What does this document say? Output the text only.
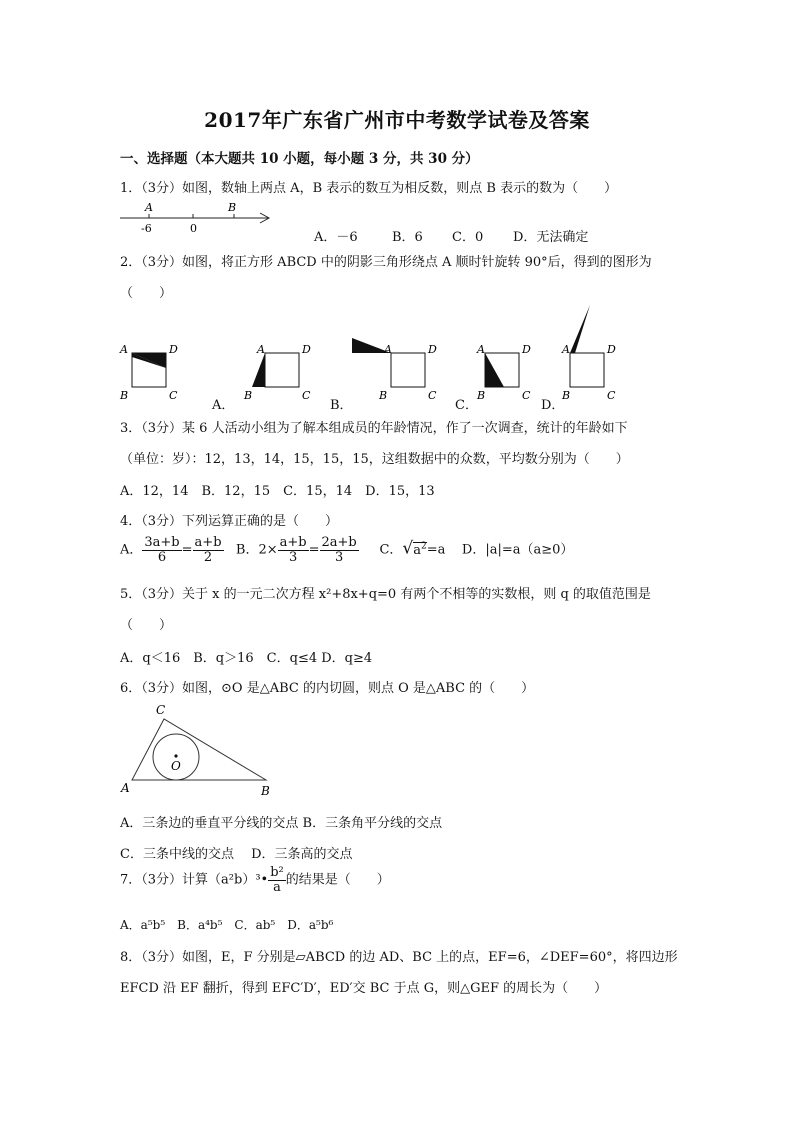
2017年广东省广州市中考数学试卷及答案
一、选择题（本大题共 10 小题，每小题 3 分，共 30 分）
1．（3分）如图，数轴上两点 A，B 表示的数互为相反数，则点 B 表示的数为（　　）
A	B
-6	0
A．－6	B．6 C．0 D．无法确定
2．（3分）如图，将正方形 ABCD 中的阴影三角形绕点 A 顺时针旋转 90°后，得到的图形为
（　　）
A	D
B	C
A	D
B	C
A	D
B	C
A	D
B	C
A	D
B	C
A．	B．	C．	D．
3．（3分）某 6 人活动小组为了解本组成员的年龄情况，作了一次调查，统计的年龄如下
（单位：岁）：12，13，14，15，15，15，这组数据中的众数，平均数分别为（　　）
A．12，14　B．12，15　C．15，14　D．15，13
4．（3分）下列运算正确的是（　　）
A． $\frac{3a+b}{6} = \frac{a+b}{2}$ B．$2\times \frac{a+b}{3} = \frac{2a+b}{3}$ C．$√a^2=a$ D．|a|=a（a≥0）
5．（3分）关于 x 的一元二次方程 x²+8x+q=0 有两个不相等的实数根，则 q 的取值范围是
（　　）
A．q＜16　B．q＞16　C．q≤4 D．q≥4
6．（3分）如图，⊙O 是△ABC 的内切圆，则点 O 是△ABC 的（　　）
A	B
C
O
A．三条边的垂直平分线的交点 B．三条角平分线的交点
C．三条中线的交点　 D．三条高的交点
7．（3分）计算（a²b）³• $\frac{\text{b²}}{a}$ 的结果是（　　）
A．a⁵b⁵　B．a⁴b⁵　C．ab⁵　D．a⁵b⁶
8．（3分）如图，E，F 分别是▱ABCD 的边 AD、BC 上的点，EF=6，∠DEF=60°，将四边形
EFCD 沿 EF 翻折，得到 EFC′D′，ED′交 BC 于点 G，则△GEF 的周长为（　　）
